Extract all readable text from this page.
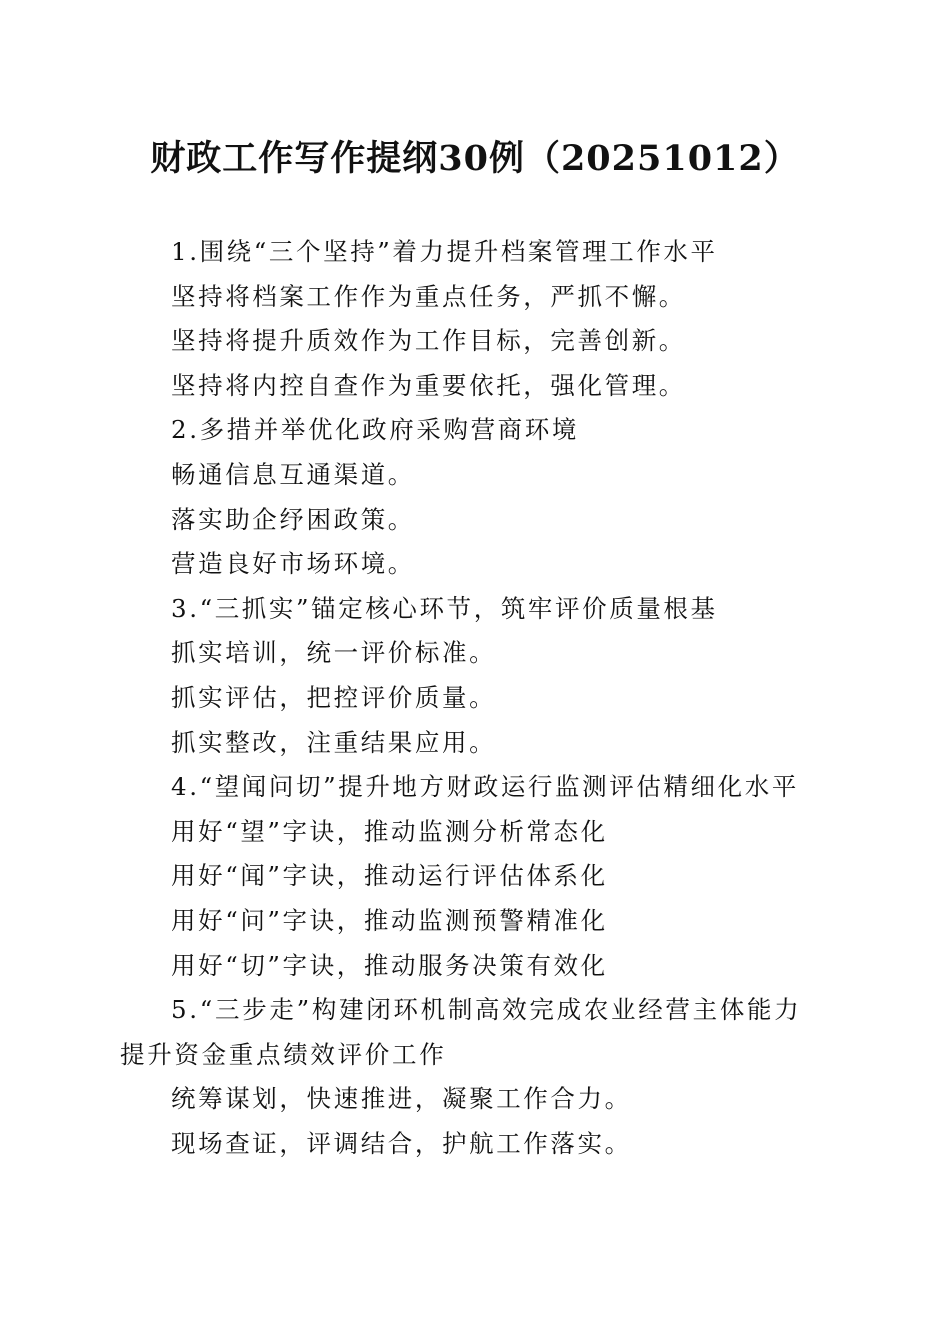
财政工作写作提纲30例（20251012）

1.围绕“三个坚持”着力提升档案管理工作水平

坚持将档案工作作为重点任务，严抓不懈。

坚持将提升质效作为工作目标，完善创新。

坚持将内控自查作为重要依托，强化管理。

2.多措并举优化政府采购营商环境

畅通信息互通渠道。

落实助企纾困政策。

营造良好市场环境。

3.“三抓实”锚定核心环节，筑牢评价质量根基

抓实培训，统一评价标准。

抓实评估，把控评价质量。

抓实整改，注重结果应用。

4.“望闻问切”提升地方财政运行监测评估精细化水平

用好“望”字诀，推动监测分析常态化

用好“闻”字诀，推动运行评估体系化

用好“问”字诀，推动监测预警精准化

用好“切”字诀，推动服务决策有效化

5.“三步走”构建闭环机制高效完成农业经营主体能力提升资金重点绩效评价工作

统筹谋划，快速推进，凝聚工作合力。

现场查证，评调结合，护航工作落实。
